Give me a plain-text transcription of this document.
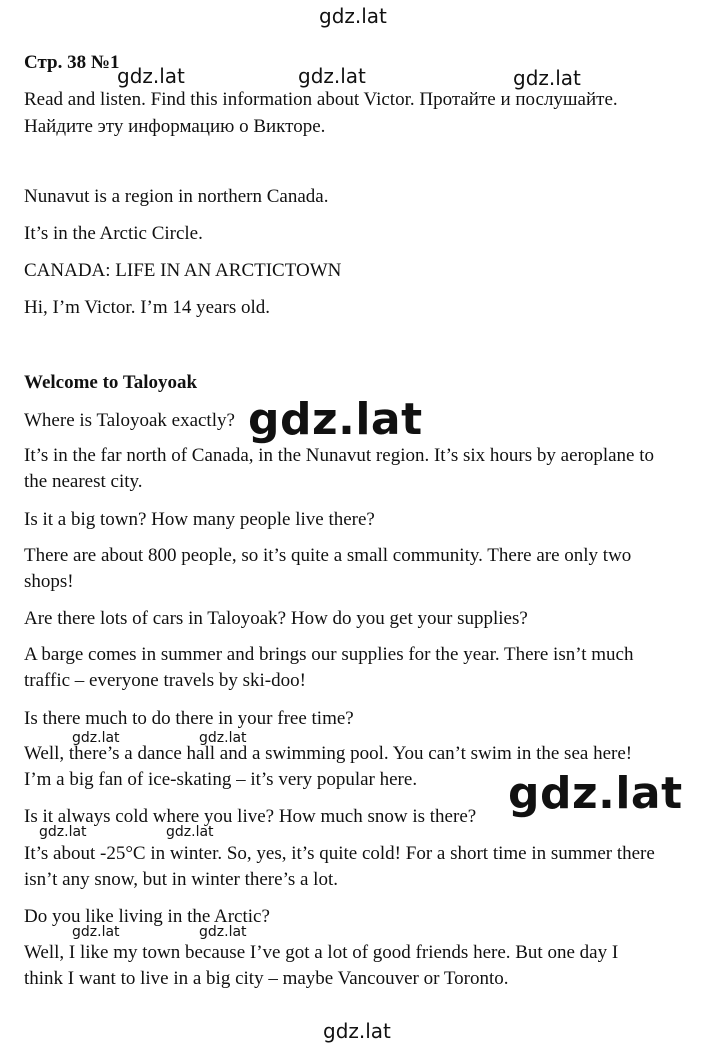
Стр. 38 №1

Read and listen. Find this information about Victor. Протайте и послушайте.

Найдите эту информацию о Викторе.

Nunavut is a region in northern Canada.

It’s in the Arctic Circle.

CANADA: LIFE IN AN ARCTICTOWN

Hi, I’m Victor. I’m 14 years old.

Welcome to Taloyoak

Where is Taloyoak exactly?

It’s in the far north of Canada, in the Nunavut region. It’s six hours by aeroplane to

the nearest city.

Is it a big town? How many people live there?

There are about 800 people, so it’s quite a small community. There are only two

shops!

Are there lots of cars in Taloyoak? How do you get your supplies?

A barge comes in summer and brings our supplies for the year. There isn’t much

traffic – everyone travels by ski-doo!

Is there much to do there in your free time?

Well, there’s a dance hall and a swimming pool. You can’t swim in the sea here!

I’m a big fan of ice-skating – it’s very popular here.

Is it always cold where you live? How much snow is there?

It’s about -25°C in winter. So, yes, it’s quite cold! For a short time in summer there

isn’t any snow, but in winter there’s a lot.

Do you like living in the Arctic?

Well, I like my town because I’ve got a lot of good friends here. But one day I

think I want to live in a big city – maybe Vancouver or Toronto.

gdz.lat
gdz.lat	gdz.lat	gdz.lat
gdz.lat
gdz.lat	gdz.lat
gdz.lat
gdz.lat	gdz.lat
gdz.lat	gdz.lat
gdz.lat
